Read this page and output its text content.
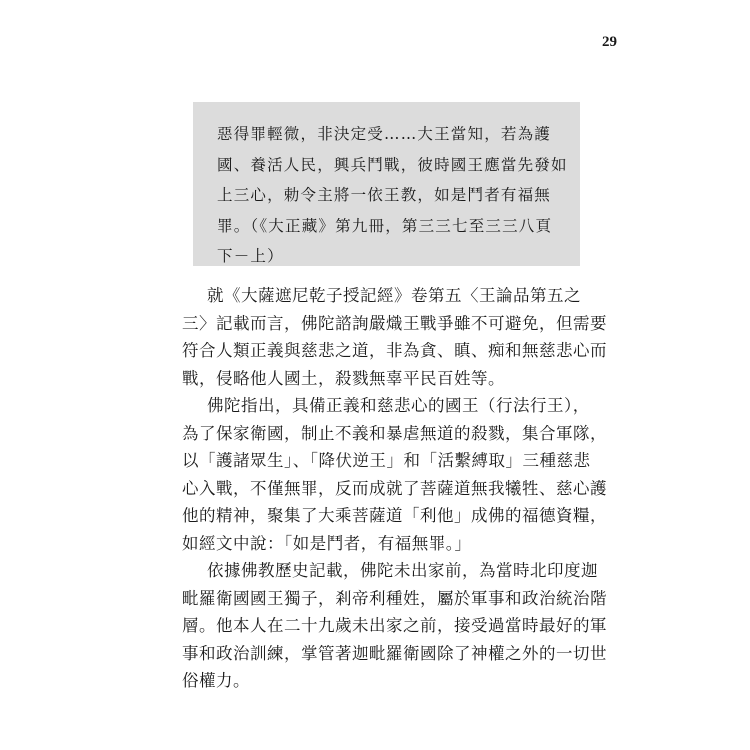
29
惡得罪輕微，非決定受……大王當知，若為護
國、養活人民，興兵鬥戰，彼時國王應當先發如
上三心，勅令主將一依王教，如是鬥者有福無
罪。（《大正藏》第九冊，第三三七至三三八頁
下－上）
就《大薩遮尼乾子授記經》卷第五〈王論品第五之
三〉記載而言，佛陀諮詢嚴熾王戰爭雖不可避免，但需要
符合人類正義與慈悲之道，非為貪、瞋、痴和無慈悲心而
戰，侵略他人國土，殺戮無辜平民百姓等。
佛陀指出，具備正義和慈悲心的國王（行法行王），
為了保家衛國，制止不義和暴虐無道的殺戮，集合軍隊，
以「護諸眾生」、「降伏逆王」和「活繫縛取」三種慈悲
心入戰，不僅無罪，反而成就了菩薩道無我犧牲、慈心護
他的精神，聚集了大乘菩薩道「利他」成佛的福德資糧，
如經文中說：「如是鬥者，有福無罪。」
依據佛教歷史記載，佛陀未出家前，為當時北印度迦
毗羅衛國國王獨子，剎帝利種姓，屬於軍事和政治統治階
層。他本人在二十九歲未出家之前，接受過當時最好的軍
事和政治訓練，掌管著迦毗羅衛國除了神權之外的一切世
俗權力。
